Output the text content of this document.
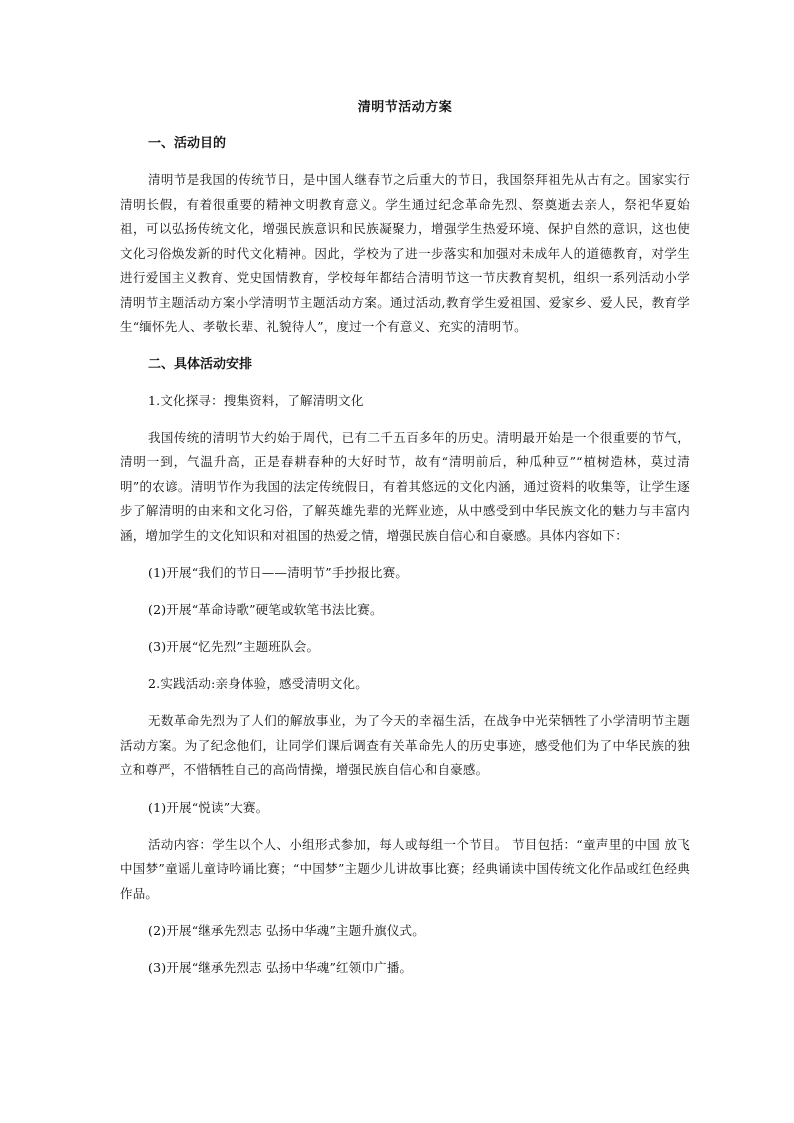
清明节活动方案
一、活动目的

清明节是我国的传统节日，是中国人继春节之后重大的节日，我国祭拜祖先从古有之。国家实行清明长假，有着很重要的精神文明教育意义。学生通过纪念革命先烈、祭奠逝去亲人，祭祀华夏始祖，可以弘扬传统文化，增强民族意识和民族凝聚力，增强学生热爱环境、保护自然的意识，这也使文化习俗焕发新的时代文化精神。因此，学校为了进一步落实和加强对未成年人的道德教育，对学生进行爱国主义教育、党史国情教育，学校每年都结合清明节这一节庆教育契机，组织一系列活动小学清明节主题活动方案小学清明节主题活动方案。通过活动,教育学生爱祖国、爱家乡、爱人民，教育学生“缅怀先人、孝敬长辈、礼貌待人”，度过一个有意义、充实的清明节。

二、具体活动安排
1.文化探寻：搜集资料，了解清明文化

我国传统的清明节大约始于周代，已有二千五百多年的历史。清明最开始是一个很重要的节气，清明一到，气温升高，正是春耕春种的大好时节，故有“清明前后，种瓜种豆”“植树造林，莫过清明”的农谚。清明节作为我国的法定传统假日，有着其悠远的文化内涵，通过资料的收集等，让学生逐步了解清明的由来和文化习俗，了解英雄先辈的光辉业迹，从中感受到中华民族文化的魅力与丰富内涵，增加学生的文化知识和对祖国的热爱之情，增强民族自信心和自豪感。具体内容如下：

(1)开展“我们的节日——清明节”手抄报比赛。
(2)开展“革命诗歌”硬笔或软笔书法比赛。
(3)开展“忆先烈”主题班队会。
2.实践活动:亲身体验，感受清明文化。

无数革命先烈为了人们的解放事业，为了今天的幸福生活，在战争中光荣牺牲了小学清明节主题活动方案。为了纪念他们，让同学们课后调查有关革命先人的历史事迹，感受他们为了中华民族的独立和尊严，不惜牺牲自己的高尚情操，增强民族自信心和自豪感。

(1)开展“悦读”大赛。

活动内容：学生以个人、小组形式参加，每人或每组一个节目。 节目包括：“童声里的中国 放飞中国梦”童谣儿童诗吟诵比赛；“中国梦”主题少儿讲故事比赛；经典诵读中国传统文化作品或红色经典作品。

(2)开展“继承先烈志 弘扬中华魂”主题升旗仪式。
(3)开展“继承先烈志 弘扬中华魂”红领巾广播。
